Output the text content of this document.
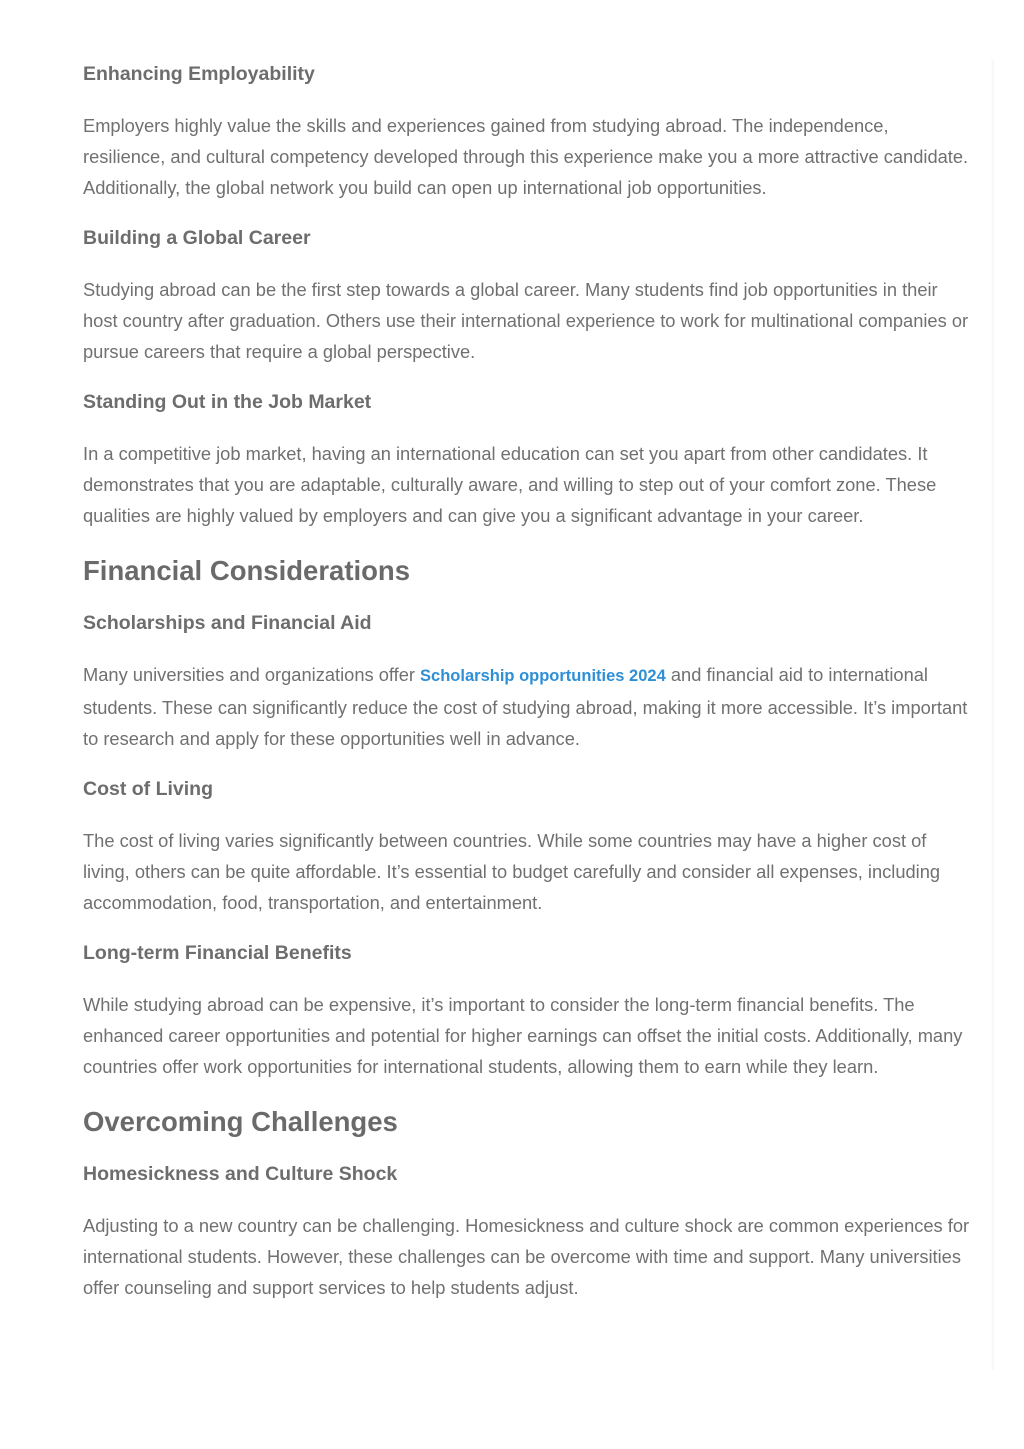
Enhancing Employability

Employers highly value the skills and experiences gained from studying abroad. The independence, resilience, and cultural competency developed through this experience make you a more attractive candidate. Additionally, the global network you build can open up international job opportunities.

Building a Global Career

Studying abroad can be the first step towards a global career. Many students find job opportunities in their host country after graduation. Others use their international experience to work for multinational companies or pursue careers that require a global perspective.

Standing Out in the Job Market

In a competitive job market, having an international education can set you apart from other candidates. It demonstrates that you are adaptable, culturally aware, and willing to step out of your comfort zone. These qualities are highly valued by employers and can give you a significant advantage in your career.

Financial Considerations
Scholarships and Financial Aid

Many universities and organizations offer Scholarship opportunities 2024 and financial aid to international students. These can significantly reduce the cost of studying abroad, making it more accessible. It’s important to research and apply for these opportunities well in advance.

Cost of Living

The cost of living varies significantly between countries. While some countries may have a higher cost of living, others can be quite affordable. It’s essential to budget carefully and consider all expenses, including accommodation, food, transportation, and entertainment.

Long-term Financial Benefits

While studying abroad can be expensive, it’s important to consider the long-term financial benefits. The enhanced career opportunities and potential for higher earnings can offset the initial costs. Additionally, many countries offer work opportunities for international students, allowing them to earn while they learn.

Overcoming Challenges
Homesickness and Culture Shock

Adjusting to a new country can be challenging. Homesickness and culture shock are common experiences for international students. However, these challenges can be overcome with time and support. Many universities offer counseling and support services to help students adjust.
